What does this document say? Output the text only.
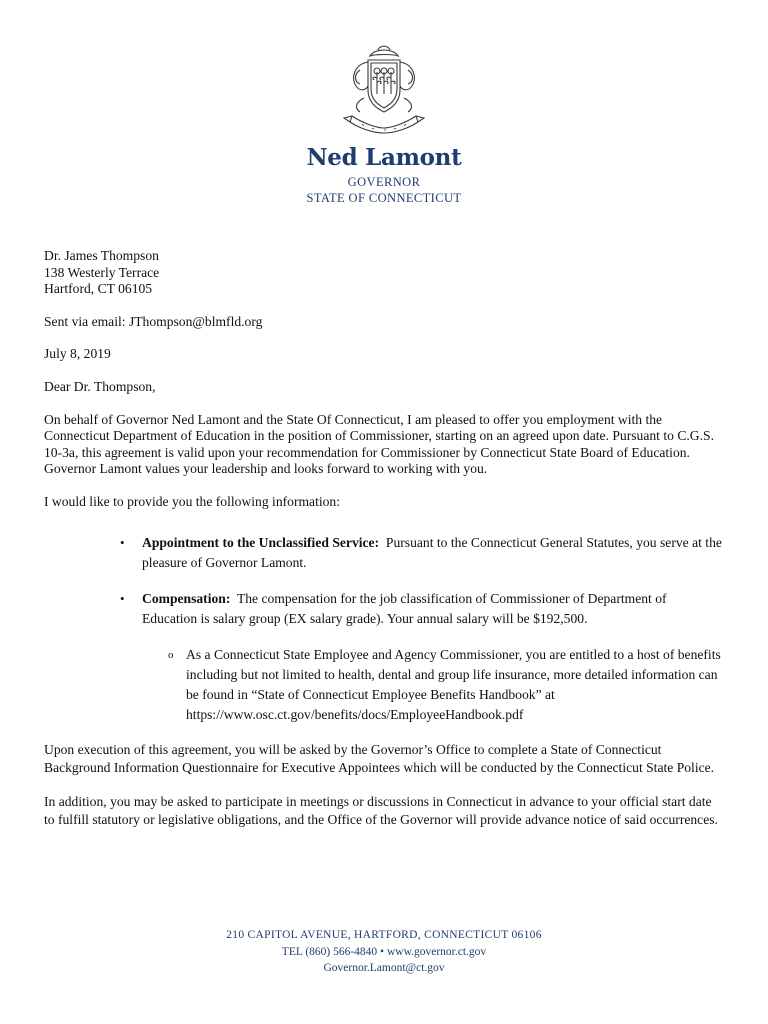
Ned Lamont
GOVERNOR
STATE OF CONNECTICUT

Dr. James Thompson

138 Westerly Terrace

Hartford, CT 06105

Sent via email: JThompson@blmfld.org

July 8, 2019

Dear Dr. Thompson,

On behalf of Governor Ned Lamont and the State Of Connecticut, I am pleased to offer you employment with the Connecticut Department of Education in the position of Commissioner, starting on an agreed upon date. Pursuant to C.G.S. 10-3a, this agreement is valid upon your recommendation for Commissioner by Connecticut State Board of Education. Governor Lamont values your leadership and looks forward to working with you.

I would like to provide you the following information:

• Appointment to the Unclassified Service: Pursuant to the Connecticut General Statutes, you serve at the pleasure of Governor Lamont.
• Compensation: The compensation for the job classification of Commissioner of Department of Education is salary group (EX salary grade). Your annual salary will be $192,500.
o As a Connecticut State Employee and Agency Commissioner, you are entitled to a host of benefits including but not limited to health, dental and group life insurance, more detailed information can be found in “State of Connecticut Employee Benefits Handbook” at https://www.osc.ct.gov/benefits/docs/EmployeeHandbook.pdf

Upon execution of this agreement, you will be asked by the Governor’s Office to complete a State of Connecticut Background Information Questionnaire for Executive Appointees which will be conducted by the Connecticut State Police.

In addition, you may be asked to participate in meetings or discussions in Connecticut in advance to your official start date to fulfill statutory or legislative obligations, and the Office of the Governor will provide advance notice of said occurrences.

210 CAPITOL AVENUE, HARTFORD, CONNECTICUT 06106
TEL (860) 566-4840 • www.governor.ct.gov
Governor.Lamont@ct.gov
